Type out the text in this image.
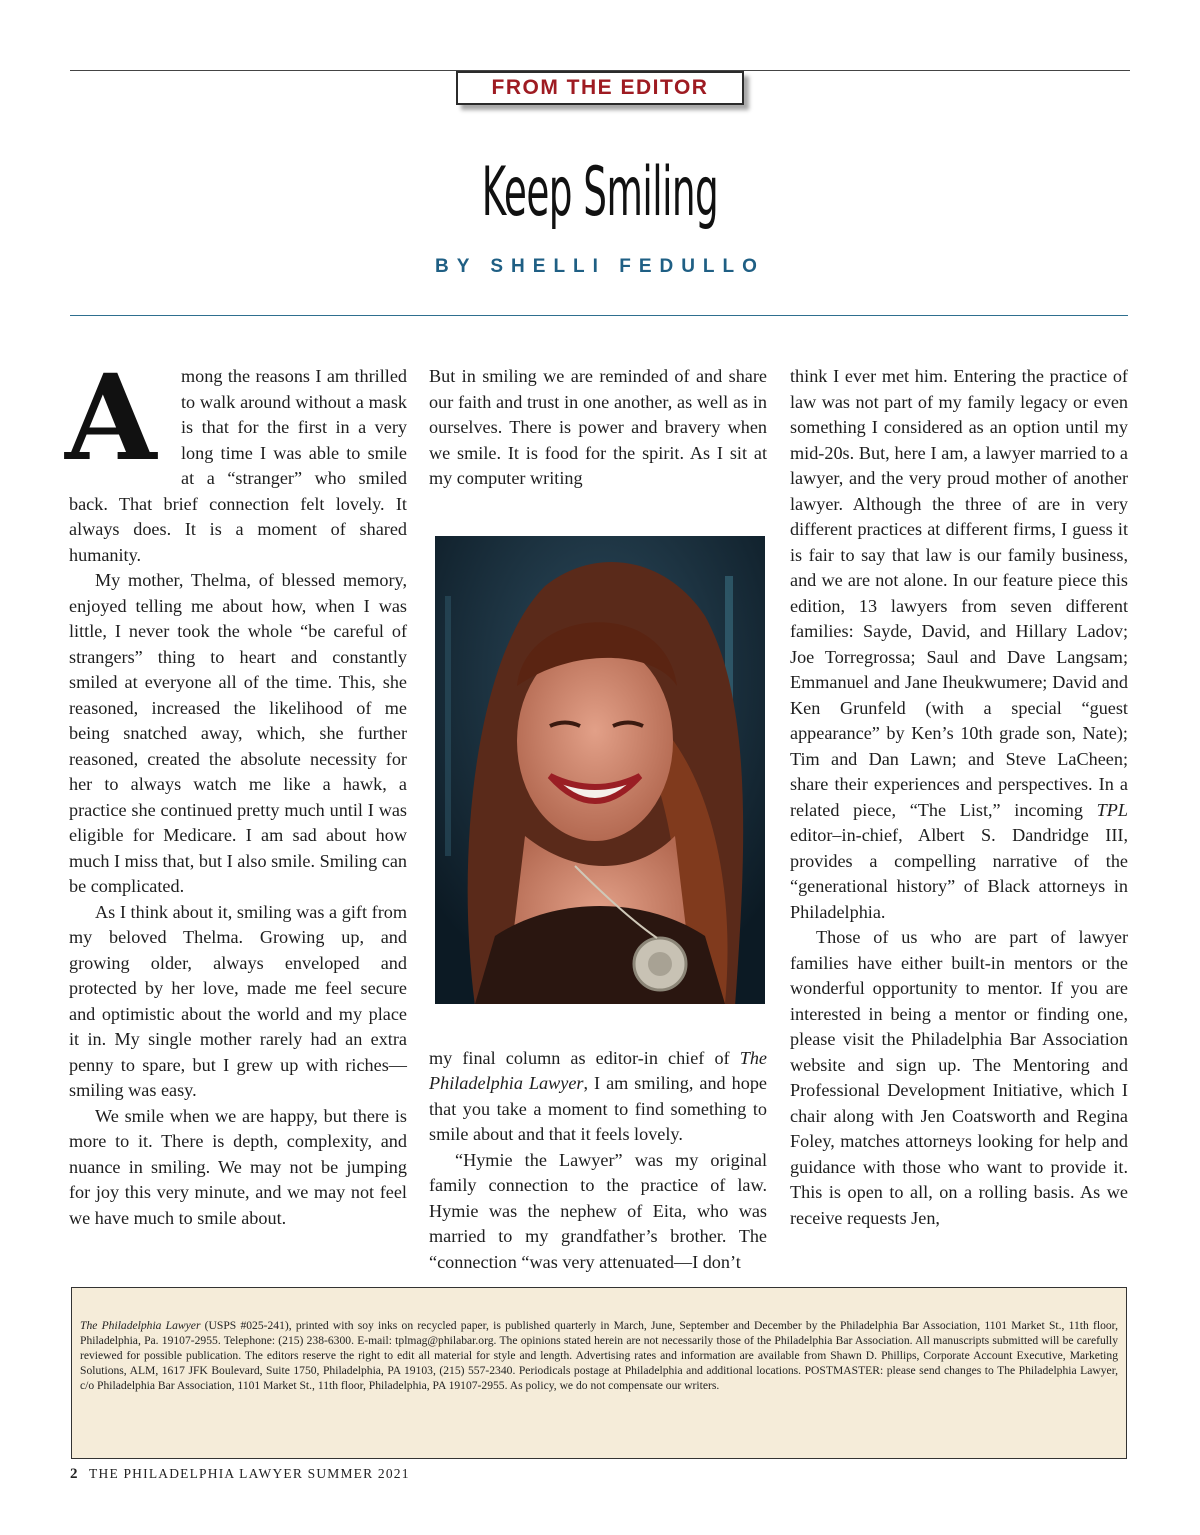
FROM THE EDITOR
Keep Smiling
BY SHELLI FEDULLO
A	mong the reasons I am thrilled to walk around without a mask is that for the first in a very long time I was able to smile at a “stranger” who smiled back. That brief connection felt lovely. It always does. It is a moment of shared humanity.

My mother, Thelma, of blessed memory, enjoyed telling me about how, when I was little, I never took the whole “be careful of strangers” thing to heart and constantly smiled at everyone all of the time. This, she reasoned, increased the likelihood of me being snatched away, which, she further reasoned, created the absolute necessity for her to always watch me like a hawk, a practice she continued pretty much until I was eligible for Medicare. I am sad about how much I miss that, but I also smile. Smiling can be complicated.

As I think about it, smiling was a gift from my beloved Thelma. Growing up, and growing older, always enveloped and protected by her love, made me feel secure and optimistic about the world and my place it in. My single mother rarely had an extra penny to spare, but I grew up with riches—smiling was easy.

We smile when we are happy, but there is more to it. There is depth, complexity, and nuance in smiling. We may not be jumping for joy this very minute, and we may not feel we have much to smile about.

But in smiling we are reminded of and share our faith and trust in one another, as well as in ourselves. There is power and bravery when we smile. It is food for the spirit. As I sit at my computer writing

my final column as editor-in chief of The Philadelphia Lawyer, I am smiling, and hope that you take a moment to find something to smile about and that it feels lovely.

“Hymie the Lawyer” was my original family connection to the practice of law. Hymie was the nephew of Eita, who was married to my grandfather’s brother. The “connection “was very attenuated—I don’t

think I ever met him. Entering the practice of law was not part of my family legacy or even something I considered as an option until my mid-20s. But, here I am, a lawyer married to a lawyer, and the very proud mother of another lawyer. Although the three of are in very different practices at different firms, I guess it is fair to say that law is our family business, and we are not alone. In our feature piece this edition, 13 lawyers from seven different families: Sayde, David, and Hillary Ladov; Joe Torregrossa; Saul and Dave Langsam; Emmanuel and Jane Iheukwumere; David and Ken Grunfeld (with a special “guest appearance” by Ken’s 10th grade son, Nate); Tim and Dan Lawn; and Steve LaCheen; share their experiences and perspectives. In a related piece, “The List,” incoming TPL editor–in-chief, Albert S. Dandridge III, provides a compelling narrative of the “generational history” of Black attorneys in Philadelphia.

Those of us who are part of lawyer families have either built-in mentors or the wonderful opportunity to mentor. If you are interested in being a mentor or finding one, please visit the Philadelphia Bar Association website and sign up. The Mentoring and Professional Development Initiative, which I chair along with Jen Coatsworth and Regina Foley, matches attorneys looking for help and guidance with those who want to provide it. This is open to all, on a rolling basis. As we receive requests Jen,

The Philadelphia Lawyer (USPS #025-241), printed with soy inks on recycled paper, is published quarterly in March, June, September and December by the Philadelphia Bar Association, 1101 Market St., 11th floor, Philadelphia, Pa. 19107-2955. Telephone: (215) 238-6300. E-mail: tplmag@philabar.org. The opinions stated herein are not necessarily those of the Philadelphia Bar Association. All manuscripts submitted will be carefully reviewed for possible publication. The editors reserve the right to edit all material for style and length. Advertising rates and information are available from Shawn D. Phillips, Corporate Account Executive, Marketing Solutions, ALM, 1617 JFK Boulevard, Suite 1750, Philadelphia, PA 19103, (215) 557-2340. Periodicals postage at Philadelphia and additional locations. POSTMASTER: please send changes to The Philadelphia Lawyer, c/o Philadelphia Bar Association, 1101 Market St., 11th floor, Philadelphia, PA 19107-2955. As policy, we do not compensate our writers.
2 THE PHILADELPHIA LAWYER SUMMER 2021
